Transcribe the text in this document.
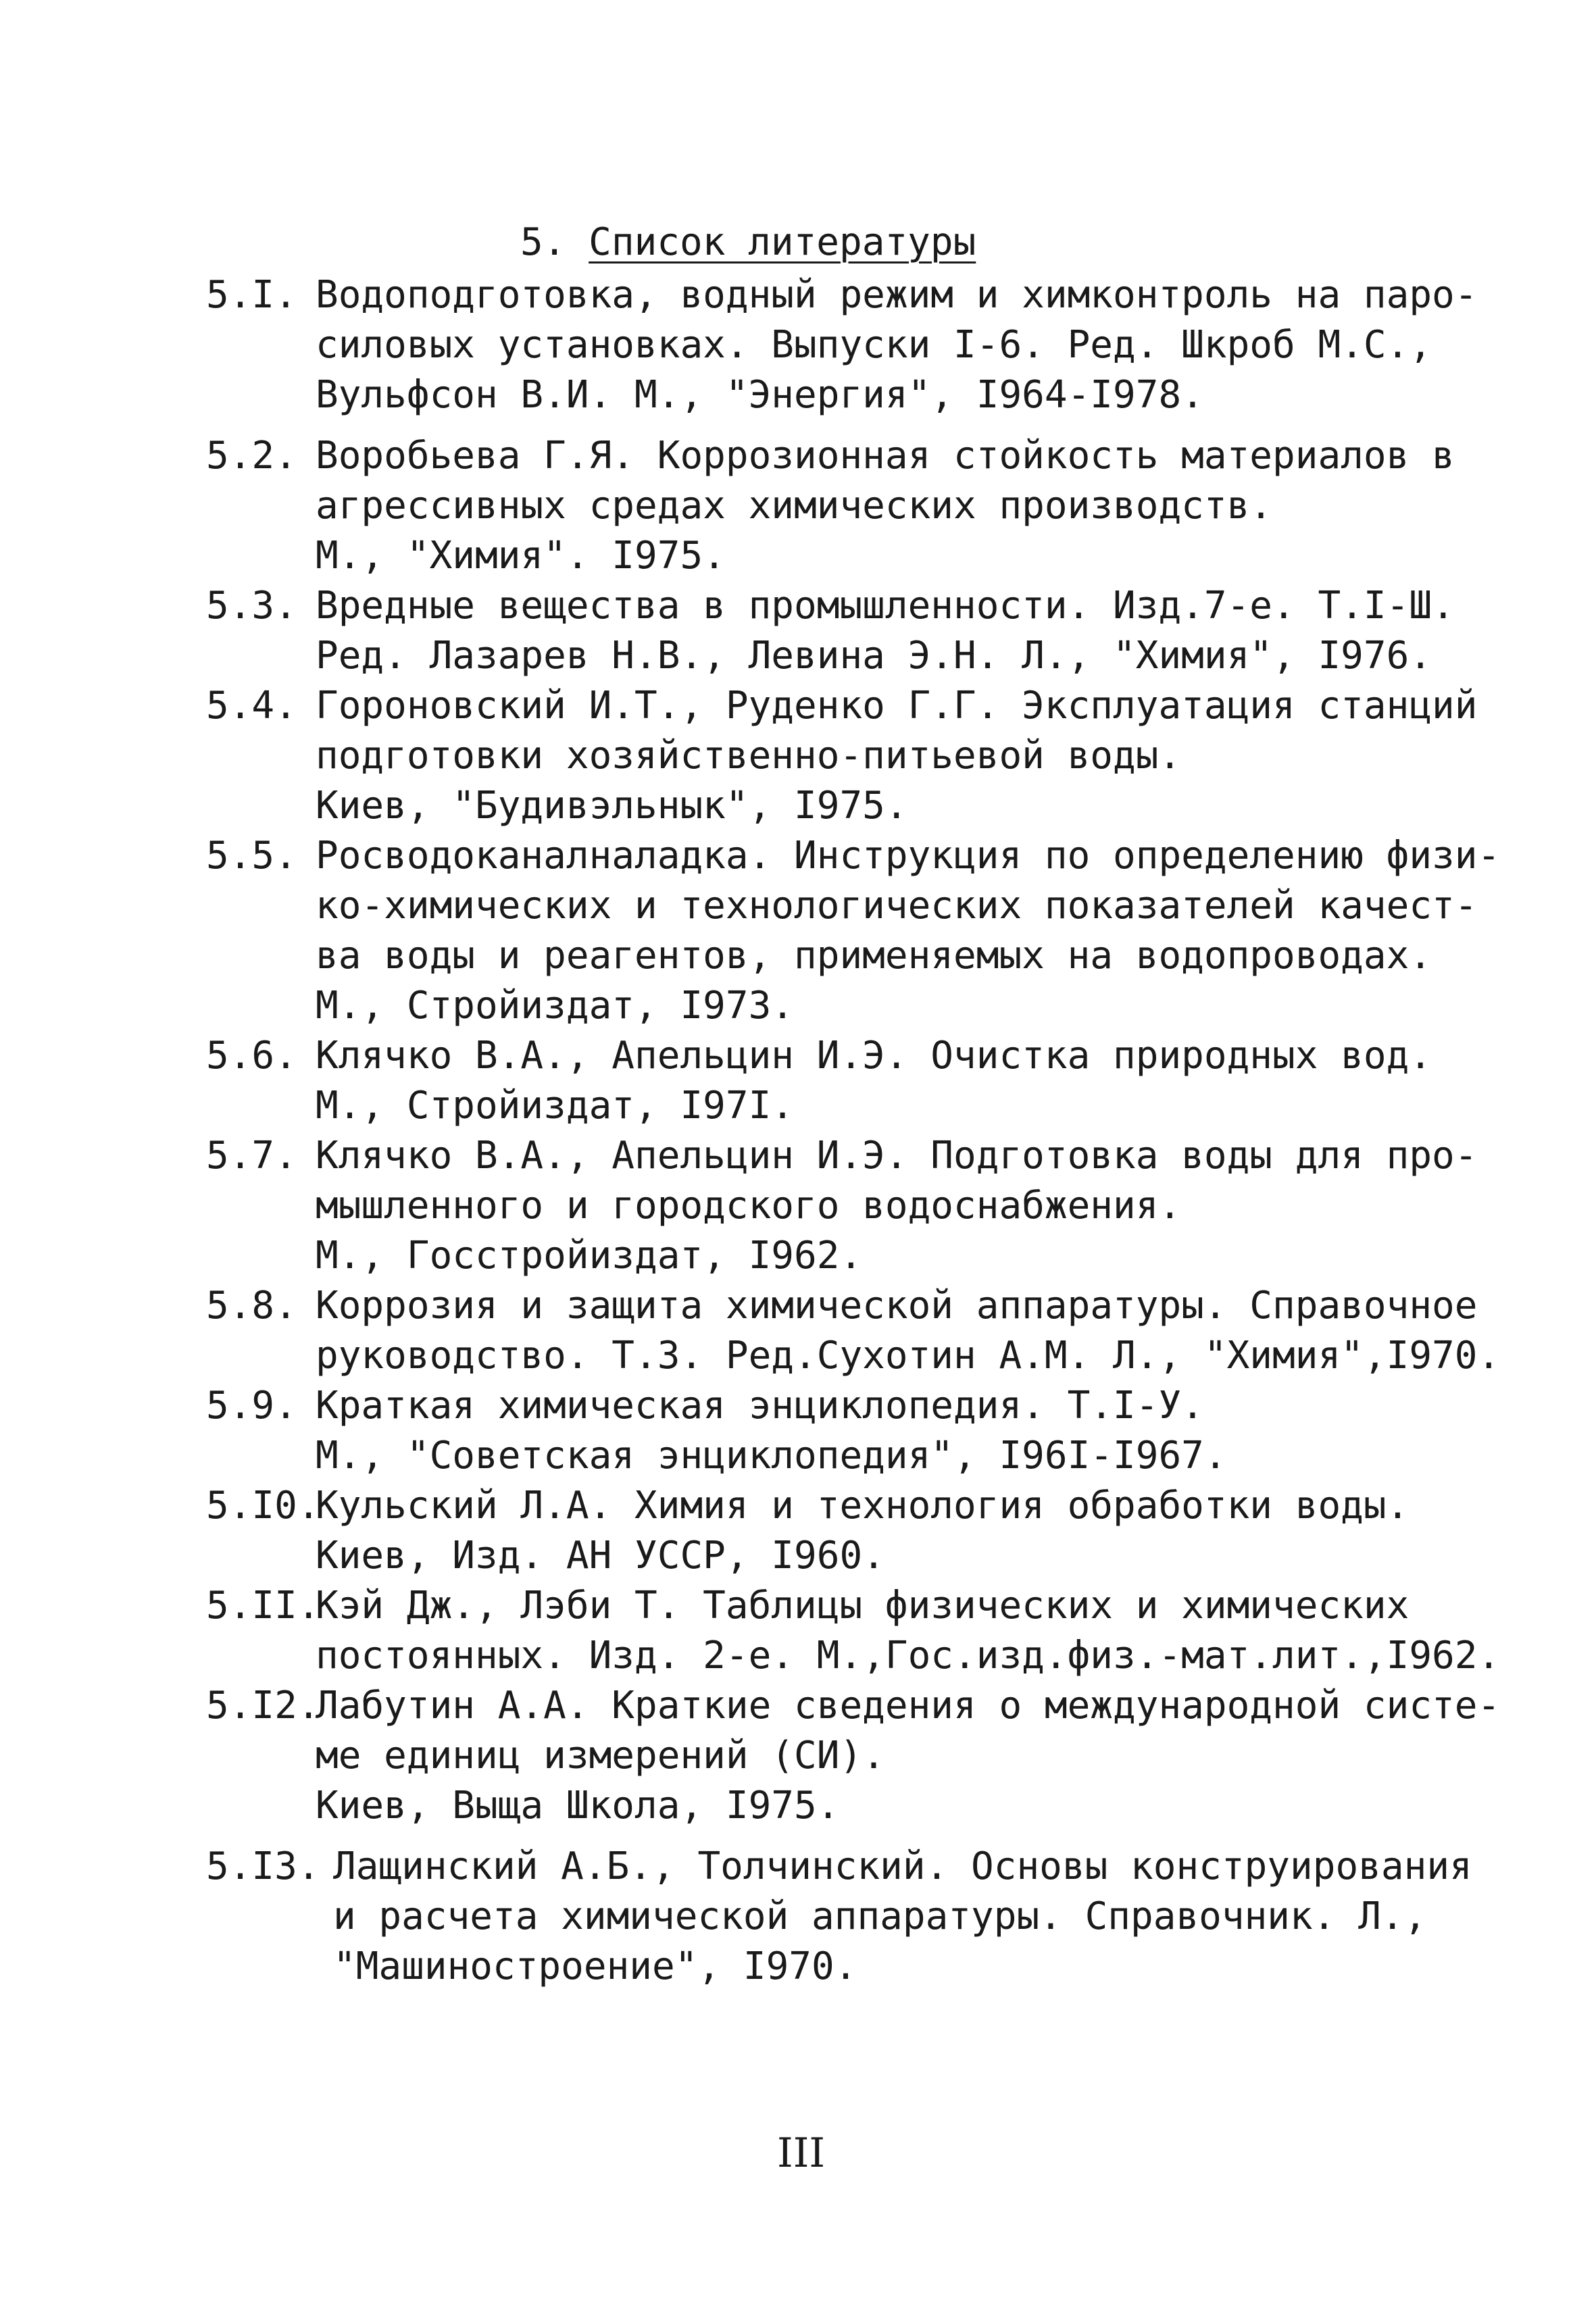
5. Список литературы
5.I. Водоподготовка, водный режим и химконтроль на паро-
силовых установках. Выпуски I-6. Ред. Шкроб М.С.,
Вульфсон В.И. М., "Энергия", I964-I978.
5.2. Воробьева Г.Я. Коррозионная стойкость материалов в
агрессивных средах химических производств.
М., "Химия". I975.
5.3. Вредные вещества в промышленности. Изд.7-е. Т.I-Ш.
Ред. Лазарев Н.В., Левина Э.Н. Л., "Химия", I976.
5.4. Гороновский И.Т., Руденко Г.Г. Эксплуатация станций
подготовки хозяйственно-питьевой воды.
Киев, "Будивэльнык", I975.
5.5. Росводоканалналадка. Инструкция по определению физи-
ко-химических и технологических показателей качест-
ва воды и реагентов, применяемых на водопроводах.
М., Стройиздат, I973.
5.6. Клячко В.А., Апельцин И.Э. Очистка природных вод.
М., Стройиздат, I97I.
5.7. Клячко В.А., Апельцин И.Э. Подготовка воды для про-
мышленного и городского водоснабжения.
М., Госстройиздат, I962.
5.8. Коррозия и защита химической аппаратуры. Справочное
руководство. Т.3. Ред.Сухотин А.М. Л., "Химия",I970.
5.9. Краткая химическая энциклопедия. Т.I-У.
М., "Советская энциклопедия", I96I-I967.
5.I0.
Кульский Л.А. Химия и технология обработки воды.
Киев, Изд. АН УССР, I960.
5.II.
Кэй Дж., Лэби Т. Таблицы физических и химических
постоянных. Изд. 2-е. М.,Гос.изд.физ.-мат.лит.,I962.
5.I2.
Лабутин А.А. Краткие сведения о международной систе-
ме единиц измерений (СИ).
Киев, Выща Школа, I975.
5.I3. Лащинский А.Б., Толчинский. Основы конструирования
и расчета химической аппаратуры. Справочник. Л.,
"Машиностроение", I970.
III
